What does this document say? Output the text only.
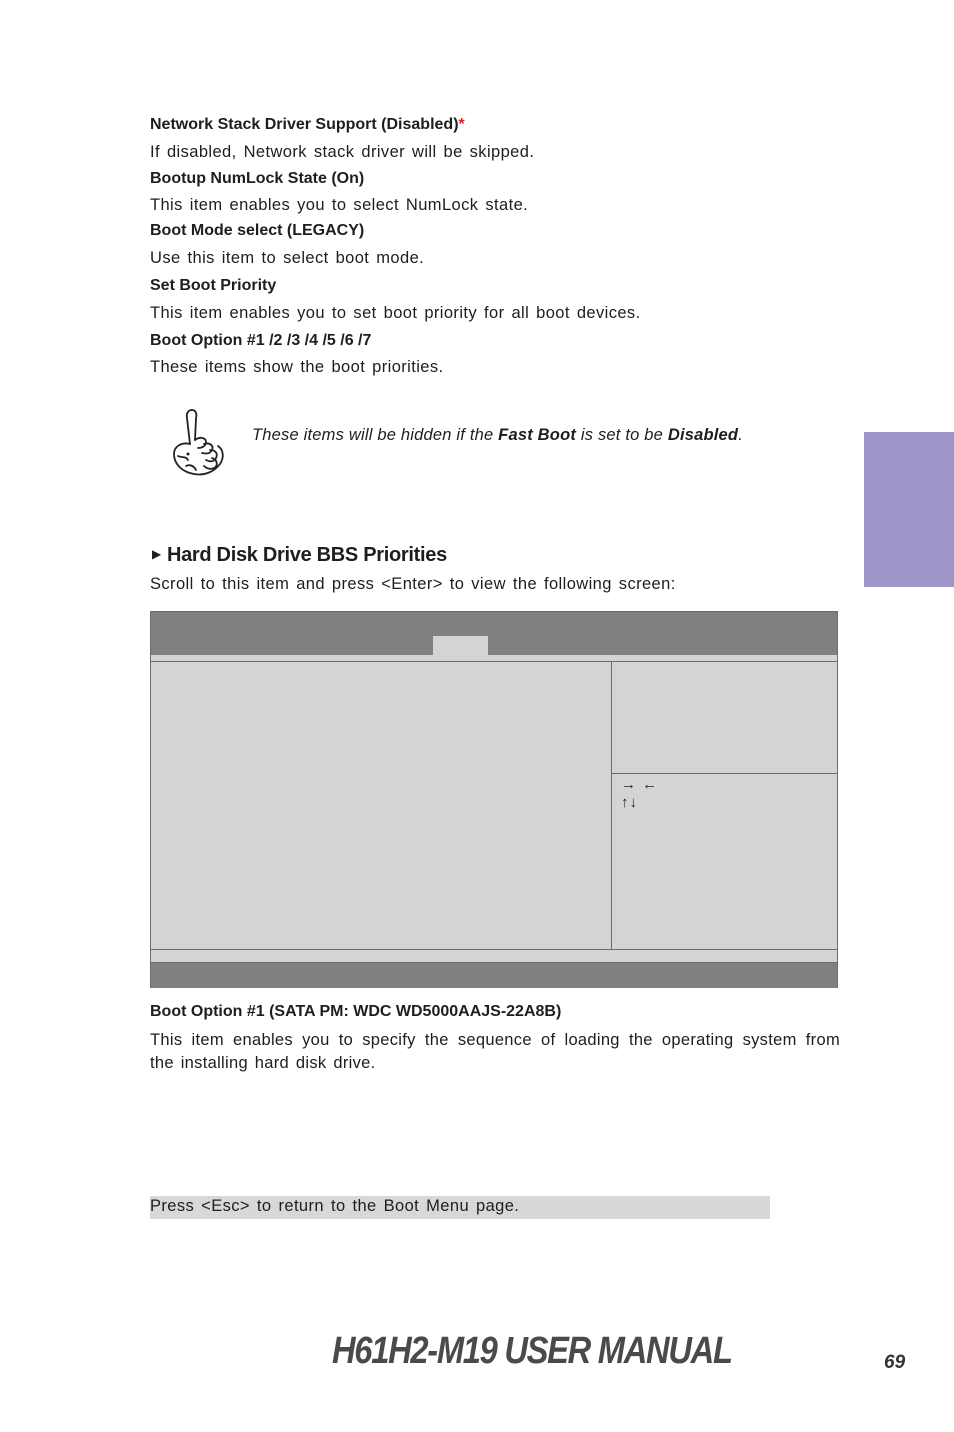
Network Stack Driver Support (Disabled)*
If disabled, Network stack driver will be skipped.
Bootup NumLock State (On)
This item enables you to select NumLock state.
Boot Mode select (LEGACY)
Use this item to select boot mode.
Set Boot Priority
This item enables you to set boot priority for all boot devices.
Boot Option #1 /2 /3 /4 /5 /6 /7
These items show the boot priorities.
These items will be hidden if the Fast Boot is set to be Disabled.
▶ Hard Disk Drive BBS Priorities
Scroll to this item and press <Enter> to view the following screen:
→ ←
↑↓
Boot Option #1 (SATA PM: WDC WD5000AAJS-22A8B)
This item enables you to specify the sequence of loading the operating system from the installing hard disk drive.
Press <Esc> to return to the Boot Menu page.
H61H2-M19 USER MANUAL	69
